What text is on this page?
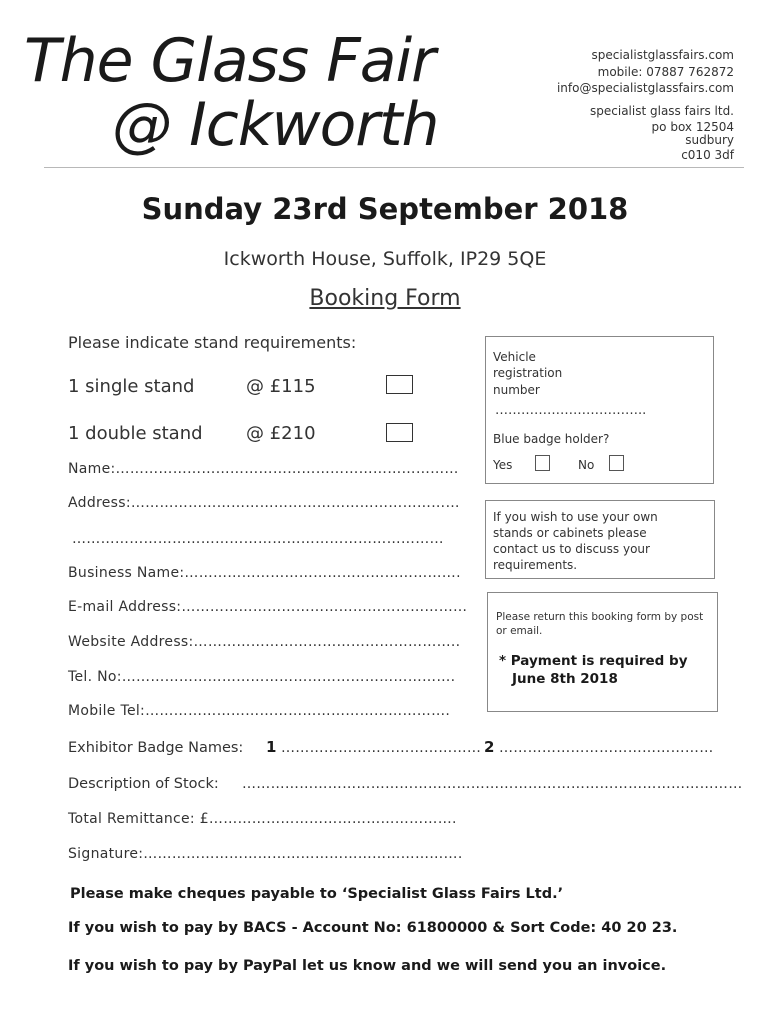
The Glass Fair
@ Ickworth
specialistglassfairs.com
mobile: 07887 762872
info@specialistglassfairs.com
specialist glass fairs ltd.
po box 12504
sudbury
c010 3df
Sunday 23rd September 2018
Ickworth House, Suffolk, IP29 5QE
Booking Form
Please indicate stand requirements:
1 single stand	@ £115
1 double stand @ £210
Vehicle
registration
number
……………………………..
Blue badge holder?
Yes	No
If you wish to use your own
stands or cabinets please
contact us to discuss your
requirements.
Please return this booking form by post
or email.
* Payment is required by
June 8th 2018
Name:………………………………………………………………
Address:……………………………………………………………
……………………………………………………………………
Business Name:………………………………………………….
E-mail Address:……………………………………………………
Website Address:………………………………………………..
Tel. No:…………………………………………………………….
Mobile Tel:……………………………………………………….
Exhibitor Badge Names: 1 …………………………………… 2 ………………………………………
Description of Stock: ……………………………………………………………………………………………
Total Remittance: £…………………………………………….
Signature:………………………………………………………….
Please make cheques payable to ‘Specialist Glass Fairs Ltd.’
If you wish to pay by BACS - Account No: 61800000 & Sort Code: 40 20 23.
If you wish to pay by PayPal let us know and we will send you an invoice.
